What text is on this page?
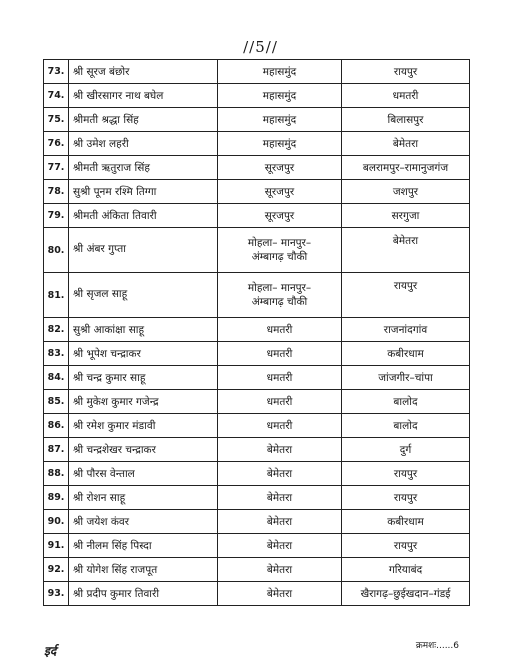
//5//
73.	श्री सूरज बंछोर	महासमुंद	रायपुर

74.	श्री खीरसागर नाथ बघेल	महासमुंद	धमतरी

75.	श्रीमती श्रद्धा सिंह	महासमुंद	बिलासपुर

76.	श्री उमेश लहरी	महासमुंद	बेमेतरा

77.	श्रीमती ऋतुराज सिंह	सूरजपुर	बलरामपुर–रामानुजगंज

78.	सुश्री पूनम रश्मि तिग्गा	सूरजपुर	जशपुर

79.	श्रीमती अंकिता तिवारी	सूरजपुर	सरगुजा

80.	श्री अंबर गुप्ता	मोहला– मानपुर–
अंम्बागढ़ चौकी	बेमेतरा

81.	श्री सृजल साहू	मोहला– मानपुर–
अंम्बागढ़ चौकी	रायपुर

82.	सुश्री आकांक्षा साहू	धमतरी	राजनांदगांव

83.	श्री भूपेश चन्द्राकर	धमतरी	कबीरधाम

84.	श्री चन्द्र कुमार साहू	धमतरी	जांजगीर–चांपा

85.	श्री मुकेश कुमार गजेन्द्र	धमतरी	बालोद

86.	श्री रमेश कुमार मंडावी	धमतरी	बालोद

87.	श्री चन्द्रशेखर चन्द्राकर	बेमेतरा	दुर्ग

88.	श्री पौरस वेन्ताल	बेमेतरा	रायपुर

89.	श्री रोशन साहू	बेमेतरा	रायपुर

90.	श्री जयेश कंवर	बेमेतरा	कबीरधाम

91.	श्री नीलम सिंह पिस्दा	बेमेतरा	रायपुर

92.	श्री योगेश सिंह राजपूत	बेमेतरा	गरियाबंद

93.	श्री प्रदीप कुमार तिवारी	बेमेतरा	खैरागढ़–छुईखदान–गंडई
क्रमशः......6
इर्द
